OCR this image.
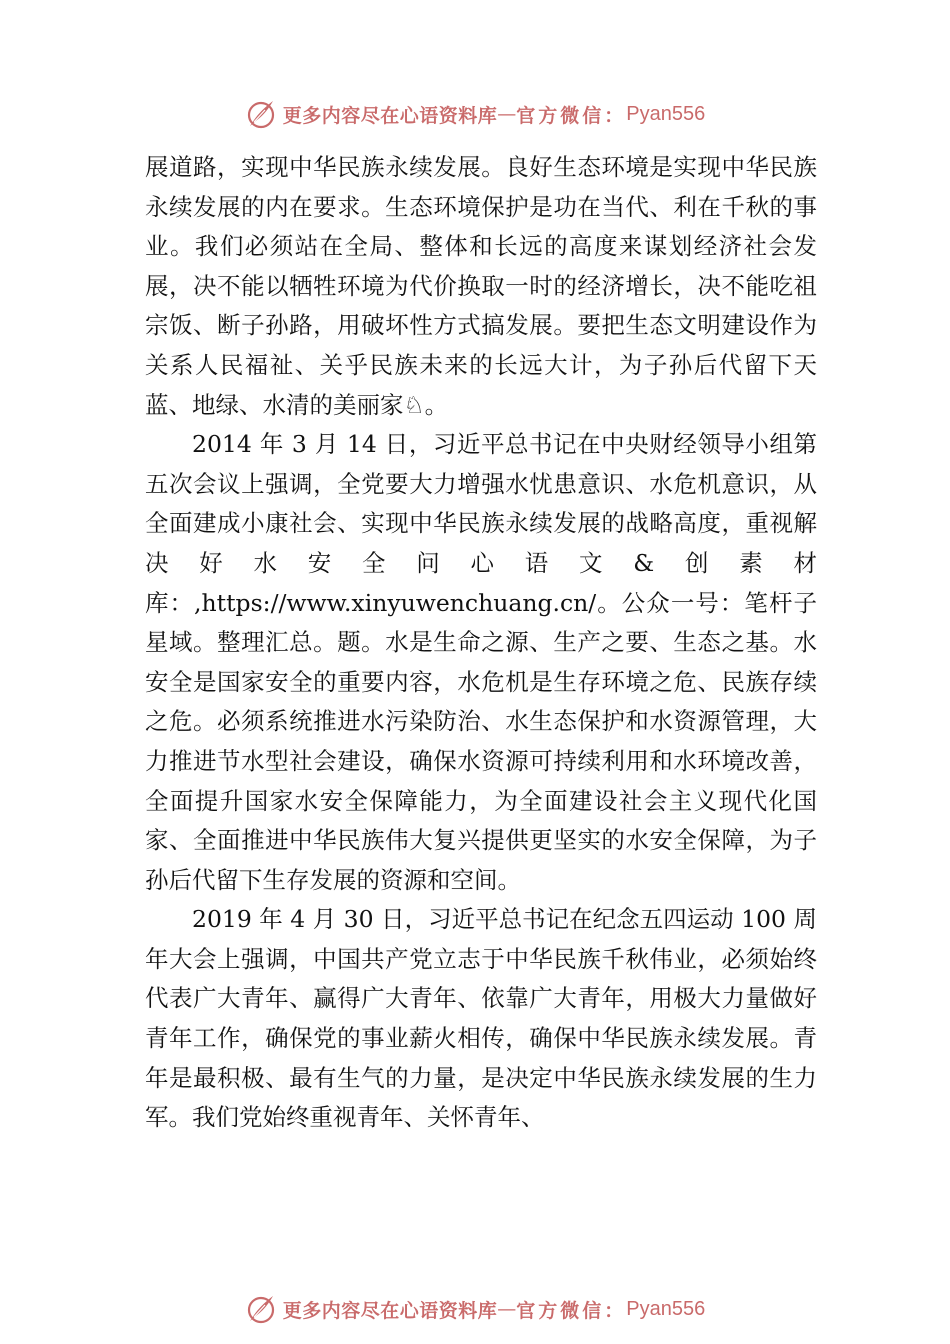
更多内容尽在心语资料库 — 官方微信： Pyan556

展道路，实现中华民族永续发展。良好生态环境是实现中华民族永续发展的内在要求。生态环境保护是功在当代、利在千秋的事业。我们必须站在全局、整体和长远的高度来谋划经济社会发展，决不能以牺牲环境为代价换取一时的经济增长，决不能吃祖宗饭、断子孙路，用破坏性方式搞发展。要把生态文明建设作为关系人民福祉、关乎民族未来的长远大计，为子孙后代留下天蓝、地绿、水清的美丽家♘。

2014 年 3 月 14 日，习近平总书记在中央财经领导小组第五次会议上强调，全党要大力增强水忧患意识、水危机意识，从全面建成小康社会、实现中华民族永续发展的战略高度，重视解决好水安全问心语文&创素材库：,https://www.xinyuwenchuang.cn/。公众一号：笔杆子星域。整理汇总。题。水是生命之源、生产之要、生态之基。水安全是国家安全的重要内容，水危机是生存环境之危、民族存续之危。必须系统推进水污染防治、水生态保护和水资源管理，大力推进节水型社会建设，确保水资源可持续利用和水环境改善，全面提升国家水安全保障能力，为全面建设社会主义现代化国家、全面推进中华民族伟大复兴提供更坚实的水安全保障，为子孙后代留下生存发展的资源和空间。

2019 年 4 月 30 日，习近平总书记在纪念五四运动 100 周年大会上强调，中国共产党立志于中华民族千秋伟业，必须始终代表广大青年、赢得广大青年、依靠广大青年，用极大力量做好青年工作，确保党的事业薪火相传，确保中华民族永续发展。青年是最积极、最有生气的力量，是决定中华民族永续发展的生力军。我们党始终重视青年、关怀青年、

更多内容尽在心语资料库 — 官方微信： Pyan556
